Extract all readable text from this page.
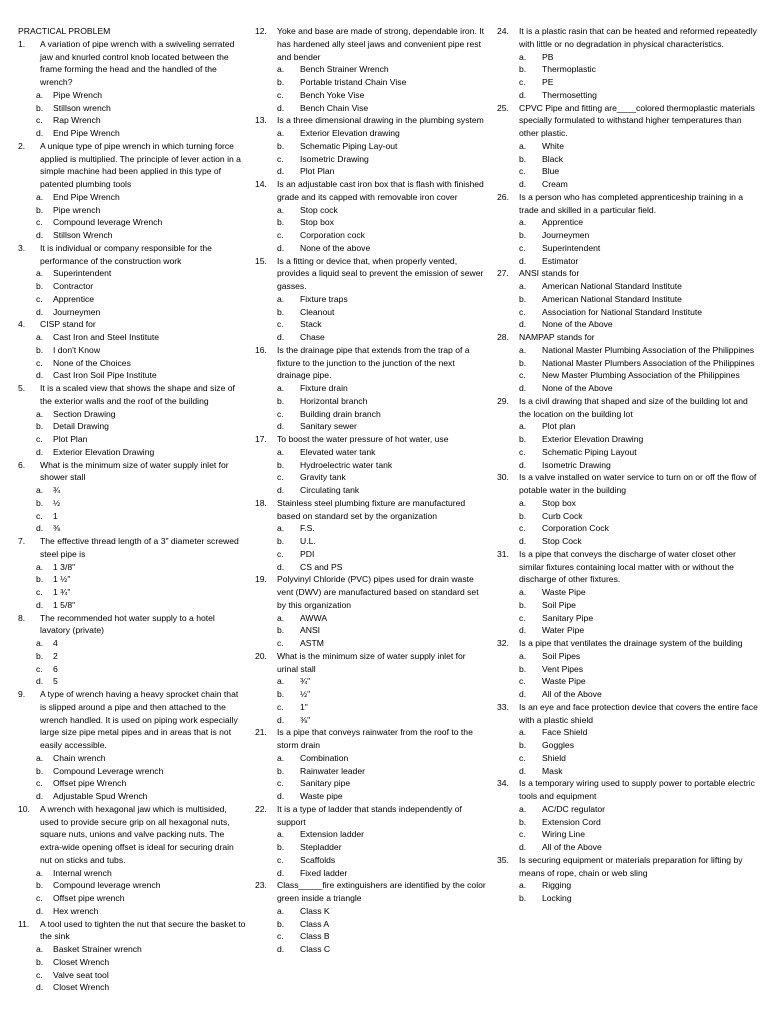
PRACTICAL PROBLEM
1.	A variation of pipe wrench with a swiveling serrated jaw and knurled control knob located between the frame forming the head and the handled of the wrench?
a.	Pipe Wrench
b.	Stillson wrench
c.	Rap Wrench
d.	End Pipe Wrench
2.	A unique type of pipe wrench in which turning force applied is multiplied. The principle of lever action in a simple machine had been applied in this type of patented plumbing tools
a.	End Pipe Wrench
b.	Pipe wrench
c.	Compound leverage Wrench
d.	Stillson Wrench
3.	It is individual or company responsible for the performance of the construction work
a.	Superintendent
b.	Contractor
c.	Apprentice
d.	Journeymen
4.	CISP stand for
a.	Cast Iron and Steel Institute
b.	I don't Know
c.	None of the Choices
d.	Cast Iron Soil Pipe Institute
5.	It is a scaled view that shows the shape and size of the exterior walls and the roof of the building
a.	Section Drawing
b.	Detail Drawing
c.	Plot Plan
d.	Exterior Elevation Drawing
6.	What is the minimum size of water supply inlet for shower stall
a.	¾
b.	½
c.	1
d.	⅜
7.	The effective thread length of a 3" diameter screwed steel pipe is
a.	1 3/8"
b.	1 ½"
c.	1 ¾"
d.	1 5/8"
8.	The recommended hot water supply to a hotel lavatory (private)
a.	4
b.	2
c.	6
d.	5
9.	A type of wrench having a heavy sprocket chain that is slipped around a pipe and then attached to the wrench handled. It is used on piping work especially large size pipe metal pipes and in areas that is not easily accessible.
a.	Chain wrench
b.	Compound Leverage wrench
c.	Offset pipe Wrench
d.	Adjustable Spud Wrench
10.	A wrench with hexagonal jaw which is multisided, used to provide secure grip on all hexagonal nuts, square nuts, unions and valve packing nuts. The extra-wide opening offset is ideal for securing drain nut on sticks and tubs.
a.	Internal wrench
b.	Compound leverage wrench
c.	Offset pipe wrench
d.	Hex wrench
11.	A tool used to tighten the nut that secure the basket to the sink
a.	Basket Strainer wrench
b.	Closet Wrench
c.	Valve seat tool
d.	Closet Wrench
12.	Yoke and base are made of strong, dependable iron. It has hardened ally steel jaws and convenient pipe rest and bender
a.	Bench Strainer Wrench
b.	Portable tristand Chain Vise
c.	Bench Yoke Vise
d.	Bench Chain Vise
13.	Is a three dimensional drawing in the plumbing system
a.	Exterior Elevation drawing
b.	Schematic Piping Lay-out
c.	Isometric Drawing
d.	Plot Plan
14.	Is an adjustable cast iron box that is flash with finished grade and its capped with removable iron cover
a.	Stop cock
b.	Stop box
c.	Corporation cock
d.	None of the above
15.	Is a fitting or device that, when properly vented, provides a liquid seal to prevent the emission of sewer gasses.
a.	Fixture traps
b.	Cleanout
c.	Stack
d.	Chase
16.	Is the drainage pipe that extends from the trap of a fixture to the junction to the junction of the next drainage pipe.
a.	Fixture drain
b.	Horizontal branch
c.	Building drain branch
d.	Sanitary sewer
17.	To boost the water pressure of hot water, use
a.	Elevated water tank
b.	Hydroelectric water tank
c.	Gravity tank
d.	Circulating tank
18.	Stainless steel plumbing fixture are manufactured based on standard set by the organization
a.	F.S.
b.	U.L.
c.	PDI
d.	CS and PS
19.	Polyvinyl Chloride (PVC) pipes used for drain waste vent (DWV) are manufactured based on standard set by this organization
a.	AWWA
b.	ANSI
c.	ASTM
20.	What is the minimum size of water supply inlet for urinal stall
a.	¾"
b.	½"
c.	1"
d.	⅜"
21.	Is a pipe that conveys rainwater from the roof to the storm drain
a.	Combination
b.	Rainwater leader
c.	Sanitary pipe
d.	Waste pipe
22.	It is a type of ladder that stands independently of support
a.	Extension ladder
b.	Stepladder
c.	Scaffolds
d.	Fixed ladder
23.	Class_____fire extinguishers are identified by the color green inside a triangle
a.	Class K
b.	Class A
c.	Class B
d.	Class C
24.	It is a plastic rasin that can be heated and reformed repeatedly with little or no degradation in physical characteristics.
a.	PB
b.	Thermoplastic
c.	PE
d.	Thermosetting
25.	CPVC Pipe and fitting are____colored thermoplastic materials specially formulated to withstand higher temperatures than other plastic.
a.	White
b.	Black
c.	Blue
d.	Cream
26.	Is a person who has completed apprenticeship training in a trade and skilled in a particular field.
a.	Apprentice
b.	Journeymen
c.	Superintendent
d.	Estimator
27.	ANSI stands for
a.	American National Standard Institute
b.	American National Standard Institute
c.	Association for National Standard Institute
d.	None of the Above
28.	NAMPAP stands for
a.	National Master Plumbing Association of the Philippines
b.	National Master Plumbers Association of the Philippines
c.	New Master Plumbing Association of the Philippines
d.	None of the Above
29.	Is a civil drawing that shaped and size of the building lot and the location on the building lot
a.	Plot plan
b.	Exterior Elevation Drawing
c.	Schematic Piping Layout
d.	Isometric Drawing
30.	Is a valve installed on water service to turn on or off the flow of potable water in the building
a.	Stop box
b.	Curb Cock
c.	Corporation Cock
d.	Stop Cock
31.	Is a pipe that conveys the discharge of water closet other similar fixtures containing local matter with or without the discharge of other fixtures.
a.	Waste Pipe
b.	Soil Pipe
c.	Sanitary Pipe
d.	Water Pipe
32.	Is a pipe that ventilates the drainage system of the building
a.	Soil Pipes
b.	Vent Pipes
c.	Waste Pipe
d.	All of the Above
33.	Is an eye and face protection device that covers the entire face with a plastic shield
a.	Face Shield
b.	Goggles
c.	Shield
d.	Mask
34.	Is a temporary wiring used to supply power to portable electric tools and equipment
a.	AC/DC regulator
b.	Extension Cord
c.	Wiring Line
d.	All of the Above
35.	Is securing equipment or materials preparation for lifting by means of rope, chain or web sling
a.	Rigging
b.	Locking
